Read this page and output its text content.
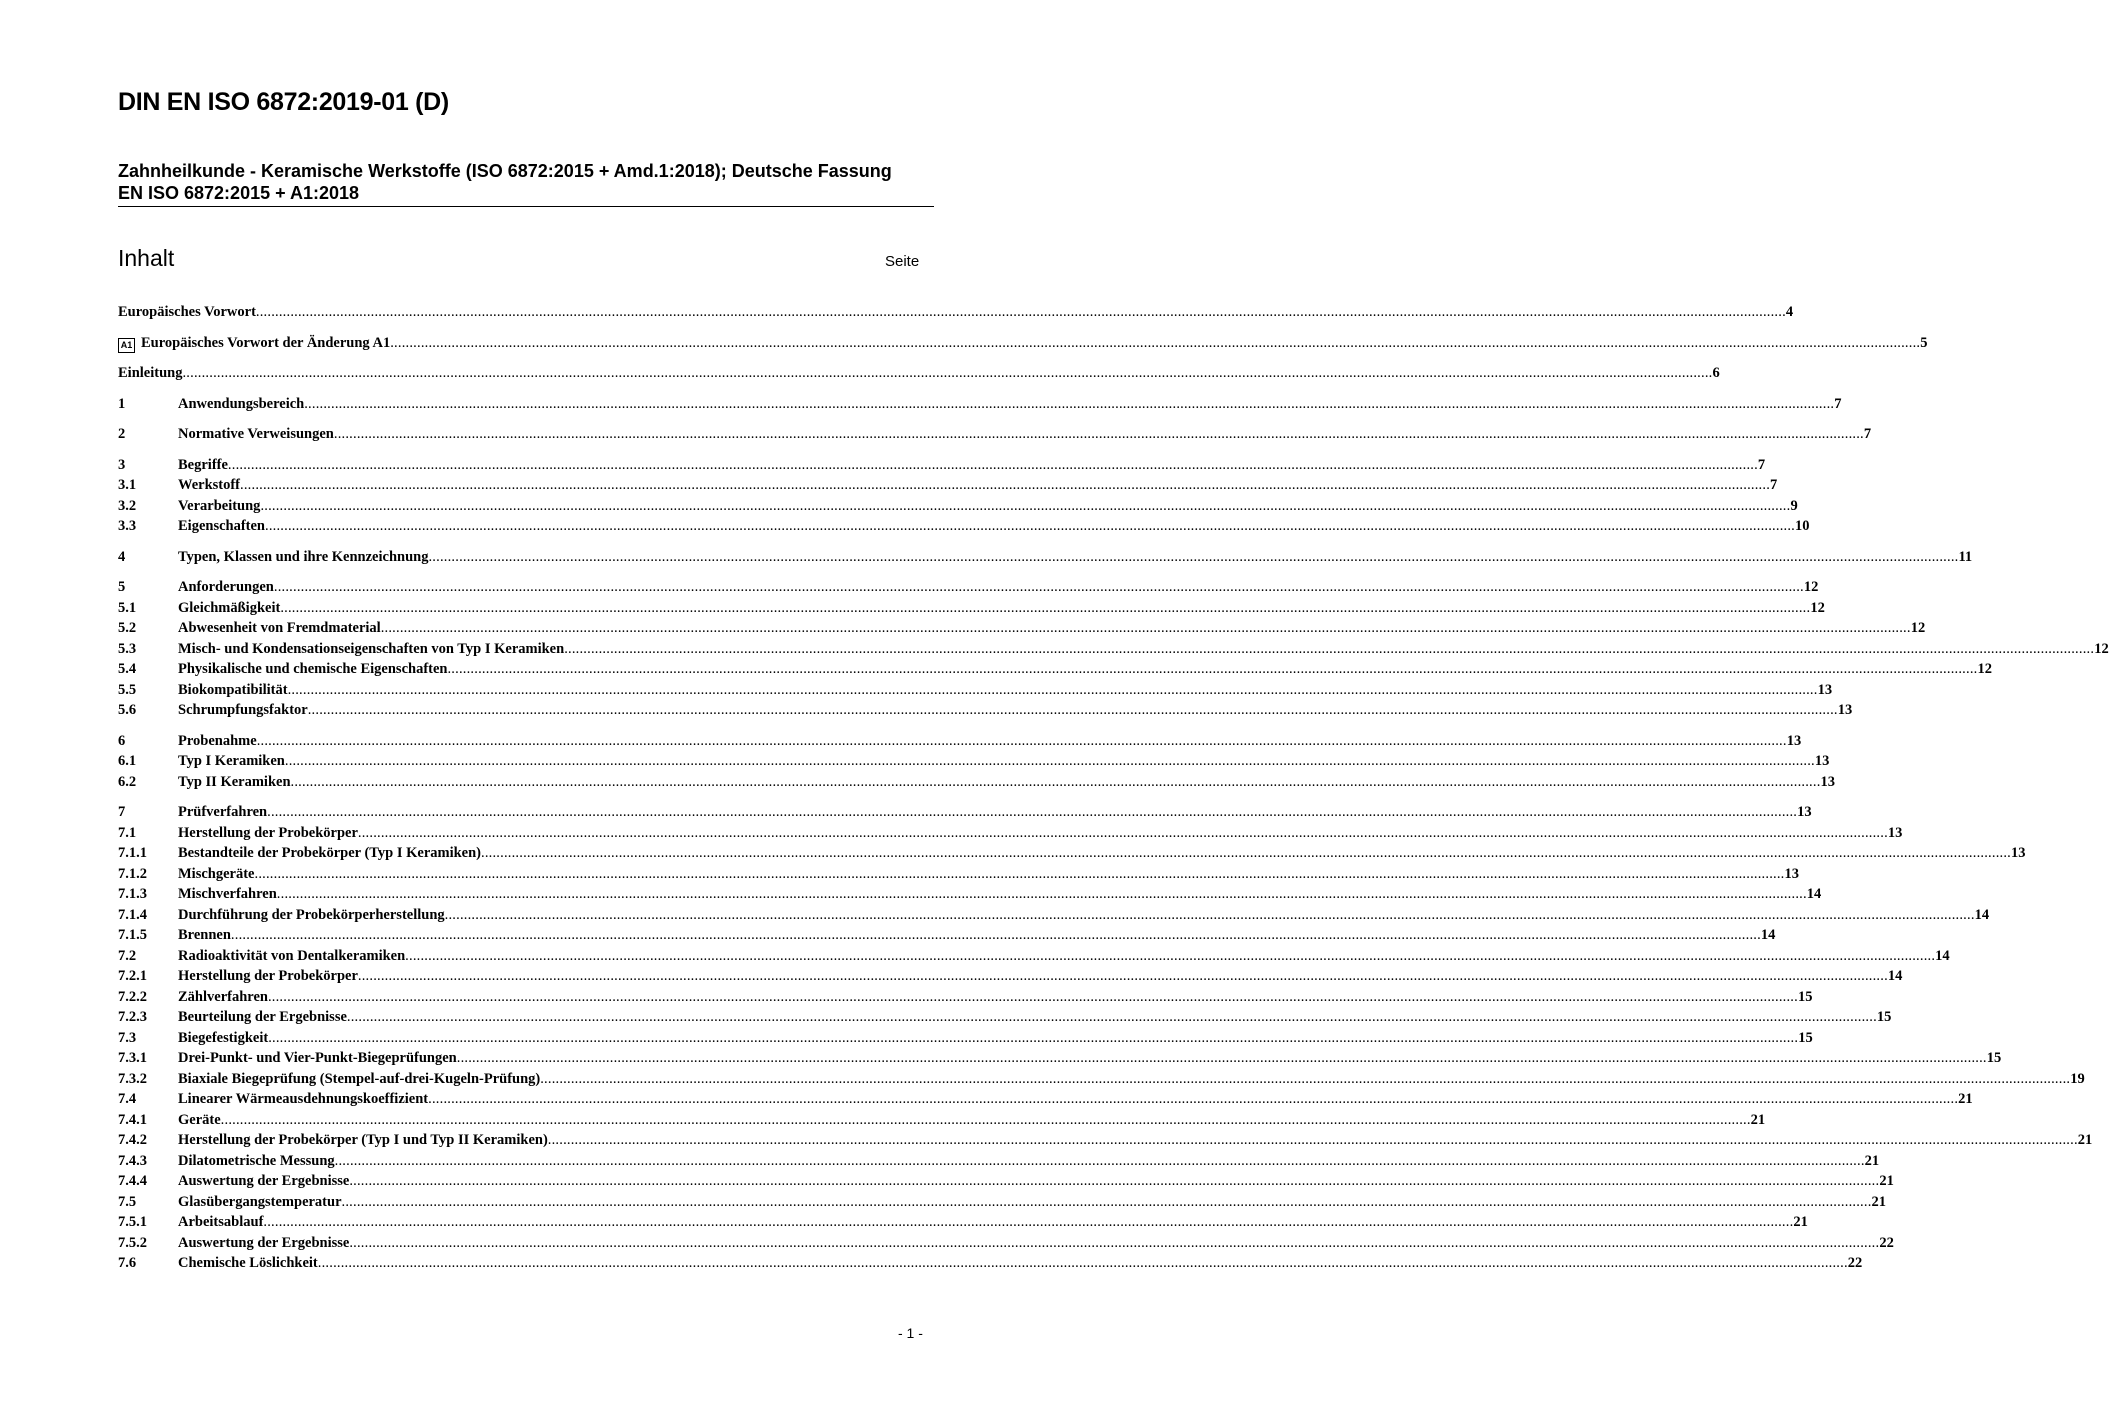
DIN EN ISO 6872:2019-01 (D)
Zahnheilkunde - Keramische Werkstoffe (ISO 6872:2015 + Amd.1:2018); Deutsche Fassung EN ISO 6872:2015 + A1:2018
Inhalt	Seite
Europäisches Vorwort ................................................................................................................................................................................................................................................................................................................................................................................................................ 4
A1 Europäisches Vorwort der Änderung A1 ................................................................................................................................................................................................................................................................................................................................................................................................................ 5
Einleitung ................................................................................................................................................................................................................................................................................................................................................................................................................ 6
1	Anwendungsbereich ................................................................................................................................................................................................................................................................................................................................................................................................................ 7
2	Normative Verweisungen ................................................................................................................................................................................................................................................................................................................................................................................................................ 7
3	Begriffe ................................................................................................................................................................................................................................................................................................................................................................................................................ 7
3.1	Werkstoff ................................................................................................................................................................................................................................................................................................................................................................................................................ 7
3.2	Verarbeitung ................................................................................................................................................................................................................................................................................................................................................................................................................ 9
3.3	Eigenschaften ................................................................................................................................................................................................................................................................................................................................................................................................................ 10
4	Typen, Klassen und ihre Kennzeichnung ................................................................................................................................................................................................................................................................................................................................................................................................................ 11
5	Anforderungen ................................................................................................................................................................................................................................................................................................................................................................................................................ 12
5.1	Gleichmäßigkeit ................................................................................................................................................................................................................................................................................................................................................................................................................ 12
5.2	Abwesenheit von Fremdmaterial ................................................................................................................................................................................................................................................................................................................................................................................................................ 12
5.3	Misch- und Kondensationseigenschaften von Typ I Keramiken ................................................................................................................................................................................................................................................................................................................................................................................................................ 12
5.4	Physikalische und chemische Eigenschaften ................................................................................................................................................................................................................................................................................................................................................................................................................ 12
5.5	Biokompatibilität ................................................................................................................................................................................................................................................................................................................................................................................................................ 13
5.6	Schrumpfungsfaktor ................................................................................................................................................................................................................................................................................................................................................................................................................ 13
6	Probenahme ................................................................................................................................................................................................................................................................................................................................................................................................................ 13
6.1	Typ I Keramiken ................................................................................................................................................................................................................................................................................................................................................................................................................ 13
6.2	Typ II Keramiken ................................................................................................................................................................................................................................................................................................................................................................................................................ 13
7	Prüfverfahren ................................................................................................................................................................................................................................................................................................................................................................................................................ 13
7.1	Herstellung der Probekörper ................................................................................................................................................................................................................................................................................................................................................................................................................ 13
7.1.1 Bestandteile der Probekörper (Typ I Keramiken) ................................................................................................................................................................................................................................................................................................................................................................................................................ 13
7.1.2 Mischgeräte ................................................................................................................................................................................................................................................................................................................................................................................................................ 13
7.1.3 Mischverfahren ................................................................................................................................................................................................................................................................................................................................................................................................................ 14
7.1.4 Durchführung der Probekörperherstellung ................................................................................................................................................................................................................................................................................................................................................................................................................ 14
7.1.5 Brennen ................................................................................................................................................................................................................................................................................................................................................................................................................ 14
7.2	Radioaktivität von Dentalkeramiken ................................................................................................................................................................................................................................................................................................................................................................................................................ 14
7.2.1 Herstellung der Probekörper ................................................................................................................................................................................................................................................................................................................................................................................................................ 14
7.2.2 Zählverfahren ................................................................................................................................................................................................................................................................................................................................................................................................................ 15
7.2.3 Beurteilung der Ergebnisse ................................................................................................................................................................................................................................................................................................................................................................................................................ 15
7.3	Biegefestigkeit ................................................................................................................................................................................................................................................................................................................................................................................................................ 15
7.3.1 Drei-Punkt- und Vier-Punkt-Biegeprüfungen ................................................................................................................................................................................................................................................................................................................................................................................................................ 15
7.3.2 Biaxiale Biegeprüfung (Stempel-auf-drei-Kugeln-Prüfung) ................................................................................................................................................................................................................................................................................................................................................................................................................ 19
7.4	Linearer Wärmeausdehnungskoeffizient ................................................................................................................................................................................................................................................................................................................................................................................................................ 21
7.4.1 Geräte ................................................................................................................................................................................................................................................................................................................................................................................................................ 21
7.4.2 Herstellung der Probekörper (Typ I und Typ II Keramiken) ................................................................................................................................................................................................................................................................................................................................................................................................................ 21
7.4.3 Dilatometrische Messung ................................................................................................................................................................................................................................................................................................................................................................................................................ 21
7.4.4 Auswertung der Ergebnisse ................................................................................................................................................................................................................................................................................................................................................................................................................ 21
7.5	Glasübergangstemperatur ................................................................................................................................................................................................................................................................................................................................................................................................................ 21
7.5.1 Arbeitsablauf ................................................................................................................................................................................................................................................................................................................................................................................................................ 21
7.5.2 Auswertung der Ergebnisse ................................................................................................................................................................................................................................................................................................................................................................................................................ 22
7.6	Chemische Löslichkeit ................................................................................................................................................................................................................................................................................................................................................................................................................ 22
- 1 -
